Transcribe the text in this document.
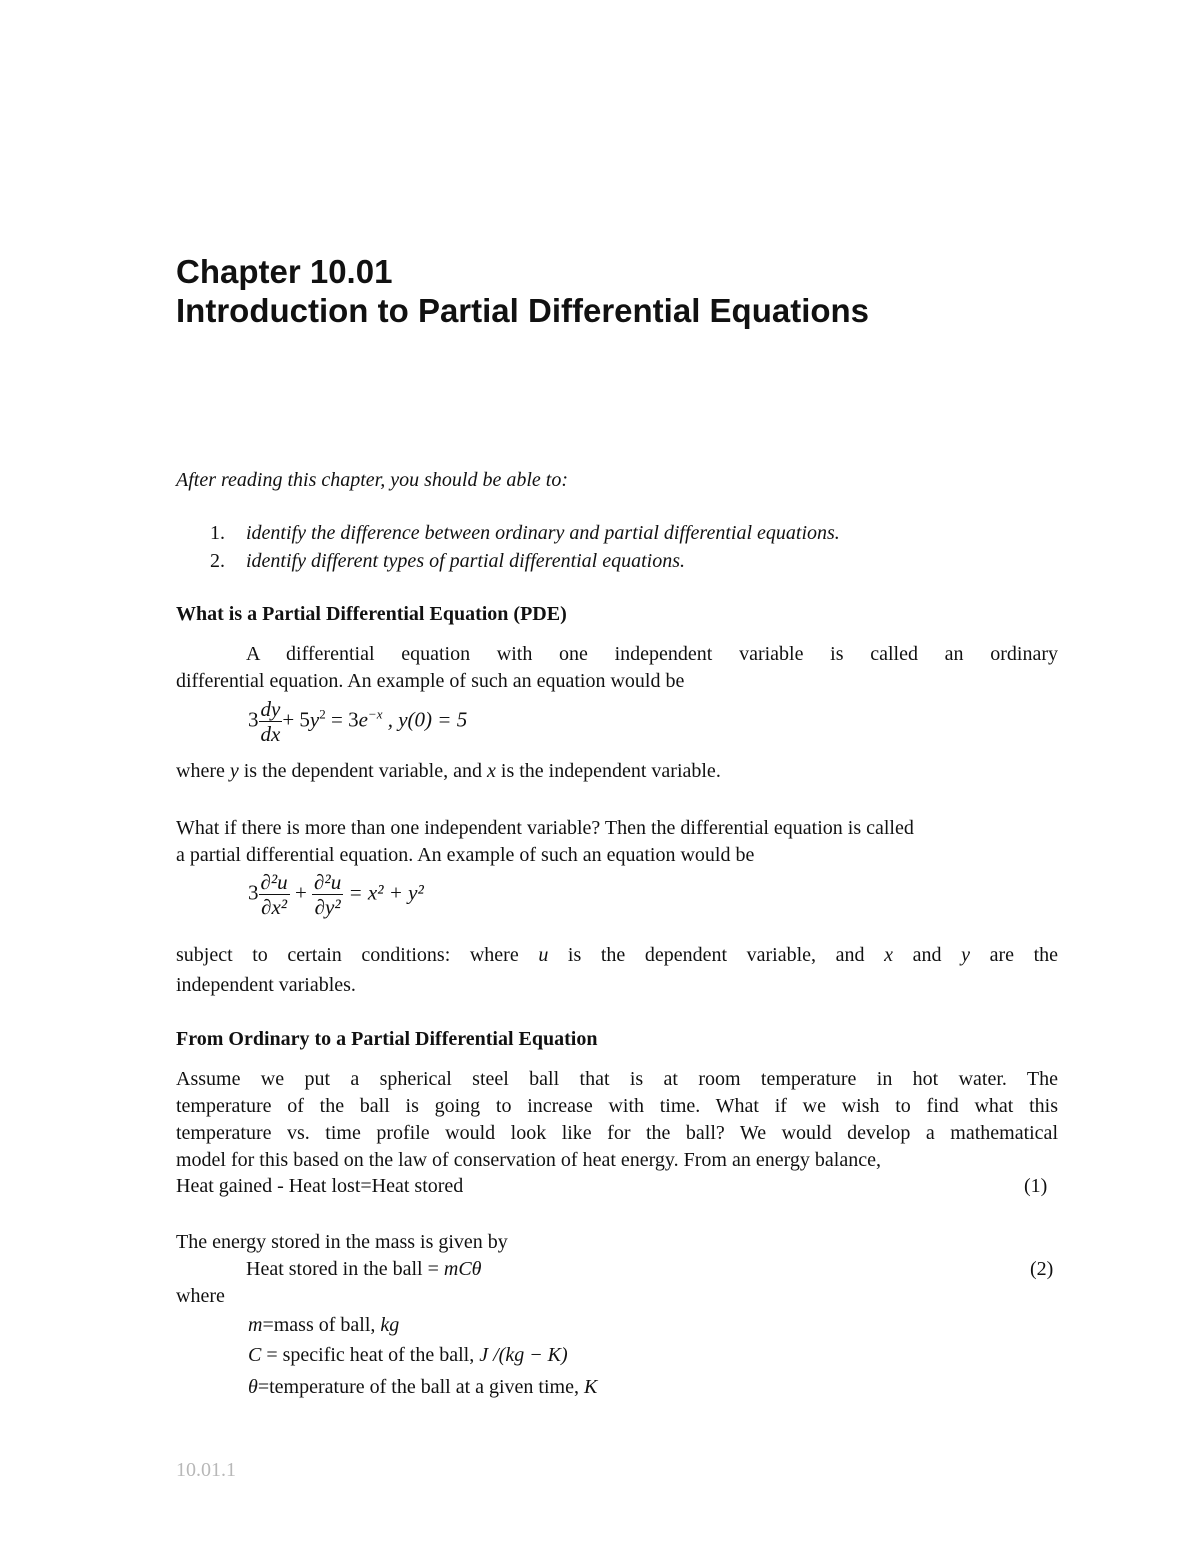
Chapter 10.01
Introduction to Partial Differential Equations
After reading this chapter, you should be able to:
1. identify the difference between ordinary and partial differential equations.
2. identify different types of partial differential equations.
What is a Partial Differential Equation (PDE)
A differential equation with one independent variable is called an ordinary
differential equation. An example of such an equation would be
$3 \frac{dy}{dx} + 5y^2 = 3e^{-x}$ , y(0) = 5
where y is the dependent variable, and x is the independent variable.
What if there is more than one independent variable? Then the differential equation is called
a partial differential equation. An example of such an equation would be
$3 \frac{\text{∂²u}}{\text{∂x²}} + \frac{\text{∂²u}}{\text{∂y²}} = x^2 + y^2$
subject to certain conditions: where u is the dependent variable, and x and y are the
independent variables.
From Ordinary to a Partial Differential Equation
Assume we put a spherical steel ball that is at room temperature in hot water. The
temperature of the ball is going to increase with time. What if we wish to find what this
temperature vs. time profile would look like for the ball? We would develop a mathematical
model for this based on the law of conservation of heat energy. From an energy balance,
Heat gained - Heat lost=Heat stored	(1)
The energy stored in the mass is given by
Heat stored in the ball = mCθ	(2)
where
m=mass of ball, kg
C = specific heat of the ball, J /(kg − K)
θ=temperature of the ball at a given time, K
10.01.1
